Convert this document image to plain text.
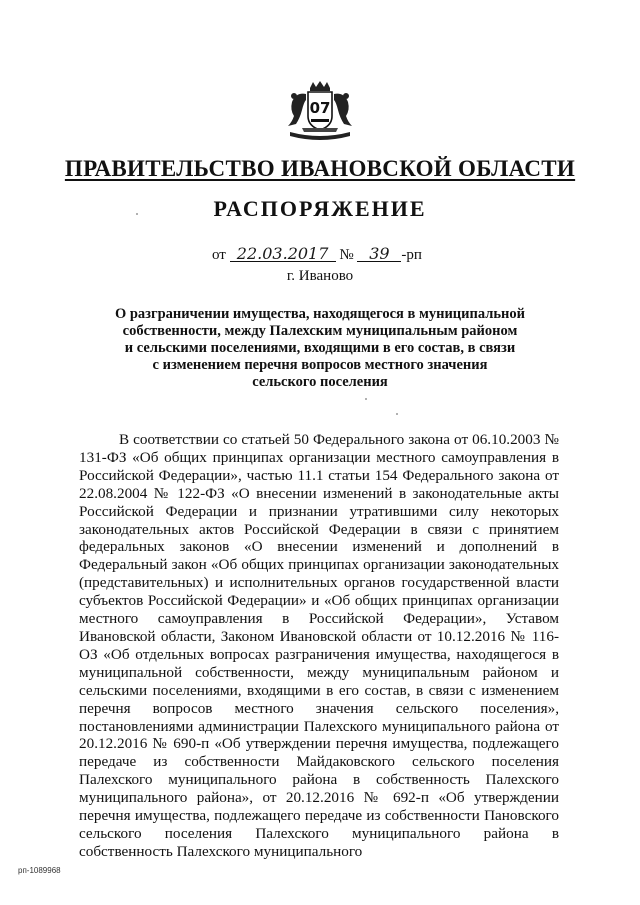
07
ПРАВИТЕЛЬСТВО ИВАНОВСКОЙ ОБЛАСТИ
РАСПОРЯЖЕНИЕ
от 22.03.2017 № 39 -рп
г. Иваново
О разграничении имущества, находящегося в муниципальной
собственности, между Палехским муниципальным районом
и сельскими поселениями, входящими в его состав, в связи
с изменением перечня вопросов местного значения
сельского поселения

В соответствии со статьей 50 Федерального закона от 06.10.2003 № 131-ФЗ «Об общих принципах организации местного самоуправления в Российской Федерации», частью 11.1 статьи 154 Федерального закона от 22.08.2004 № 122-ФЗ «О внесении изменений в законодательные акты Российской Федерации и признании утратившими силу некоторых законодательных актов Российской Федерации в связи с принятием федеральных законов «О внесении изменений и дополнений в Федеральный закон «Об общих принципах организации законодательных (представительных) и исполнительных органов государственной власти субъектов Российской Федерации» и «Об общих принципах организации местного самоуправления в Российской Федерации», Уставом Ивановской области, Законом Ивановской области от 10.12.2016 № 116-ОЗ «Об отдельных вопросах разграничения имущества, находящегося в муниципальной собственности, между муниципальным районом и сельскими поселениями, входящими в его состав, в связи с изменением перечня вопросов местного значения сельского поселения», постановлениями администрации Палехского муниципального района от 20.12.2016 № 690-п «Об утверждении перечня имущества, подлежащего передаче из собственности Майдаковского сельского поселения Палехского муниципального района в собственность Палехского муниципального района», от 20.12.2016 № 692-п «Об утверждении перечня имущества, подлежащего передаче из собственности Пановского сельского поселения Палехского муниципального района в собственность Палехского муниципального

рп-1089968
